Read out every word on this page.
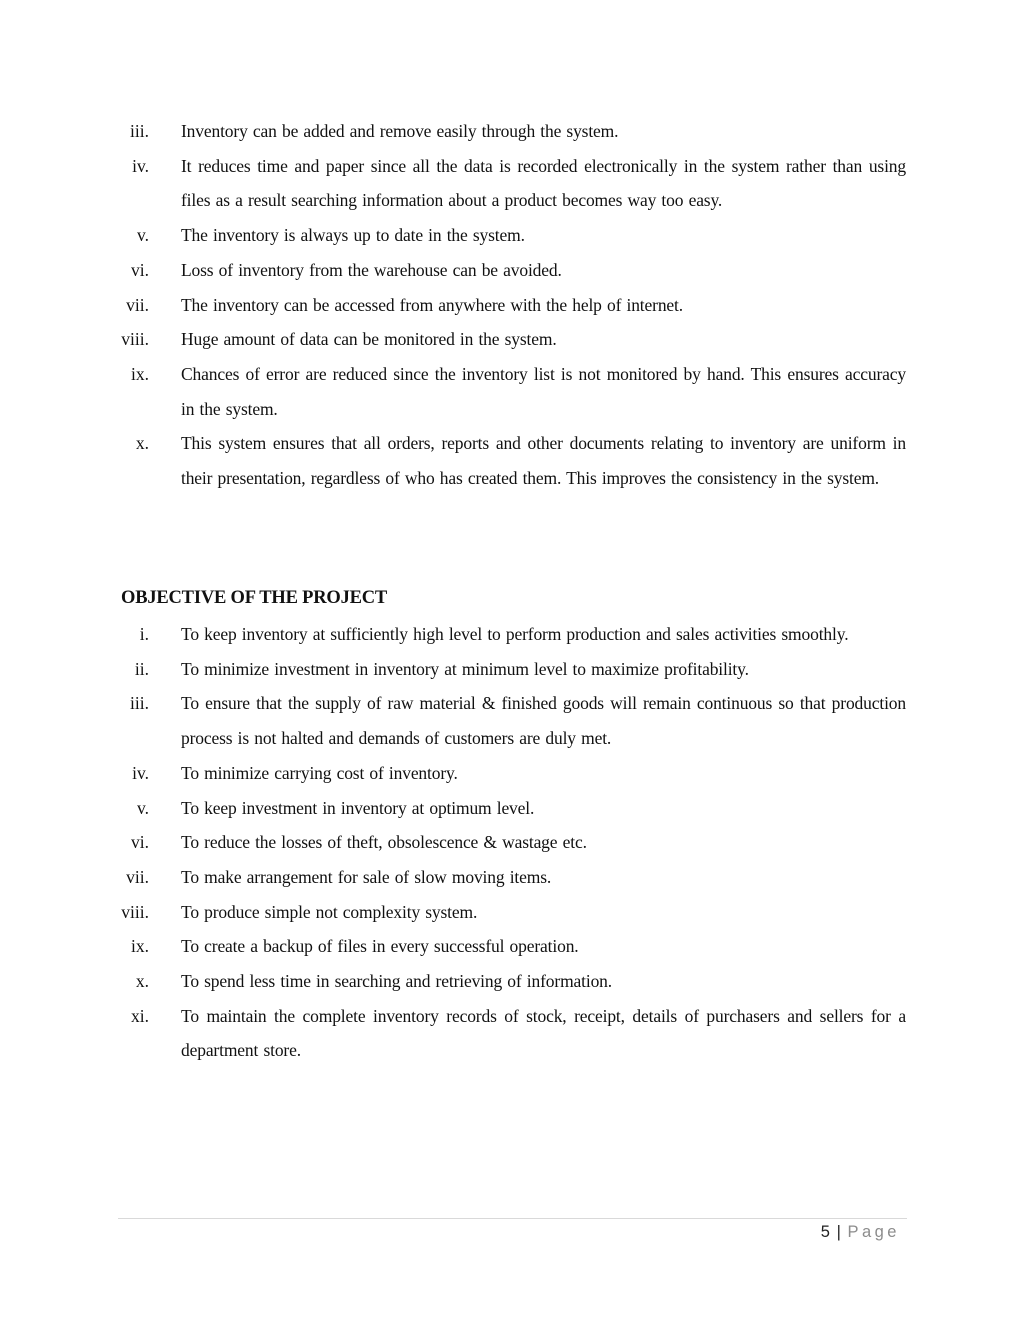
iii. Inventory can be added and remove easily through the system.
iv. It reduces time and paper since all the data is recorded electronically in the system rather than using files as a result searching information about a product becomes way too easy.
v. The inventory is always up to date in the system.
vi. Loss of inventory from the warehouse can be avoided.
vii. The inventory can be accessed from anywhere with the help of internet.
viii. Huge amount of data can be monitored in the system.
ix. Chances of error are reduced since the inventory list is not monitored by hand. This ensures accuracy in the system.
x. This system ensures that all orders, reports and other documents relating to inventory are uniform in their presentation, regardless of who has created them. This improves the consistency in the system.
OBJECTIVE OF THE PROJECT
i. To keep inventory at sufficiently high level to perform production and sales activities smoothly.
ii. To minimize investment in inventory at minimum level to maximize profitability.
iii. To ensure that the supply of raw material & finished goods will remain continuous so that production process is not halted and demands of customers are duly met.
iv. To minimize carrying cost of inventory.
v. To keep investment in inventory at optimum level.
vi. To reduce the losses of theft, obsolescence & wastage etc.
vii. To make arrangement for sale of slow moving items.
viii. To produce simple not complexity system.
ix. To create a backup of files in every successful operation.
x. To spend less time in searching and retrieving of information.
xi. To maintain the complete inventory records of stock, receipt, details of purchasers and sellers for a department store.
5 | Page
